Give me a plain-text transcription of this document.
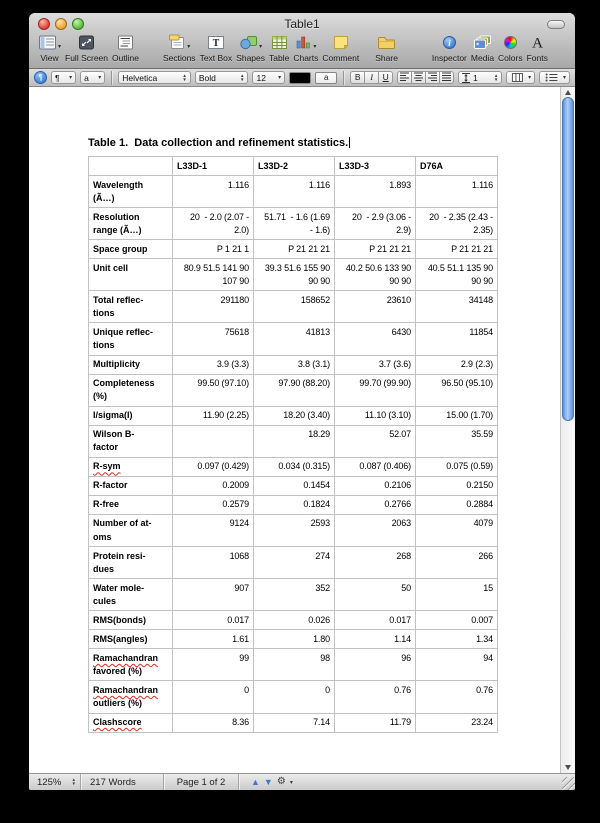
Table1
▾
View Full Screen Outline
▾
Sections
T
Text Box
▾
Shapes Table
▾
Charts Comment Share
i
Inspector Media Colors
A
Fonts
¶	¶	▾ a	▾ Helvetica	▲
▼ Bold	▲
▼ 12	▾	a	B	I	U	1	▲
▼	▾	▾

Table 1.  Data collection and refinement statistics.

	L33D-1	L33D-2	L33D-3	D76A
Wavelength
(Ã…)	1.116	1.116	1.893	1.116
Resolution
range (Ã…)	20  - 2.0 (2.07 -
2.0)	51.71  - 1.6 (1.69
- 1.6)	20  - 2.9 (3.06 -
2.9)	20  - 2.35 (2.43 -
2.35)
Space group	P 1 21 1	P 21 21 21	P 21 21 21	P 21 21 21
Unit cell	80.9 51.5 141 90
107 90	39.3 51.6 155 90
90 90	40.2 50.6 133 90
90 90	40.5 51.1 135 90
90 90
Total reflec-
tions	291180	158652	23610	34148
Unique reflec-
tions	75618	41813	6430	11854
Multiplicity	3.9 (3.3)	3.8 (3.1)	3.7 (3.6)	2.9 (2.3)
Completeness
(%)	99.50 (97.10)	97.90 (88.20)	99.70 (99.90)	96.50 (95.10)
I/sigma(I)	11.90 (2.25)	18.20 (3.40)	11.10 (3.10)	15.00 (1.70)
Wilson B-
factor		18.29	52.07	35.59
R-sym	0.097 (0.429)	0.034 (0.315)	0.087 (0.406)	0.075 (0.59)
R-factor	0.2009	0.1454	0.2106	0.2150
R-free	0.2579	0.1824	0.2766	0.2884
Number of at-
oms	9124	2593	2063	4079
Protein resi-
dues	1068	274	268	266
Water mole-
cules	907	352	50	15
RMS(bonds)	0.017	0.026	0.017	0.007
RMS(angles)	1.61	1.80	1.14	1.34
Ramachandran
favored (%)	99	98	96	94
Ramachandran
outliers (%)	0	0	0.76	0.76
Clashscore	8.36	7.14	11.79	23.24
125% ▲
▼	217 Words	Page 1 of 2	▲ ▼ ⚙ ▾
